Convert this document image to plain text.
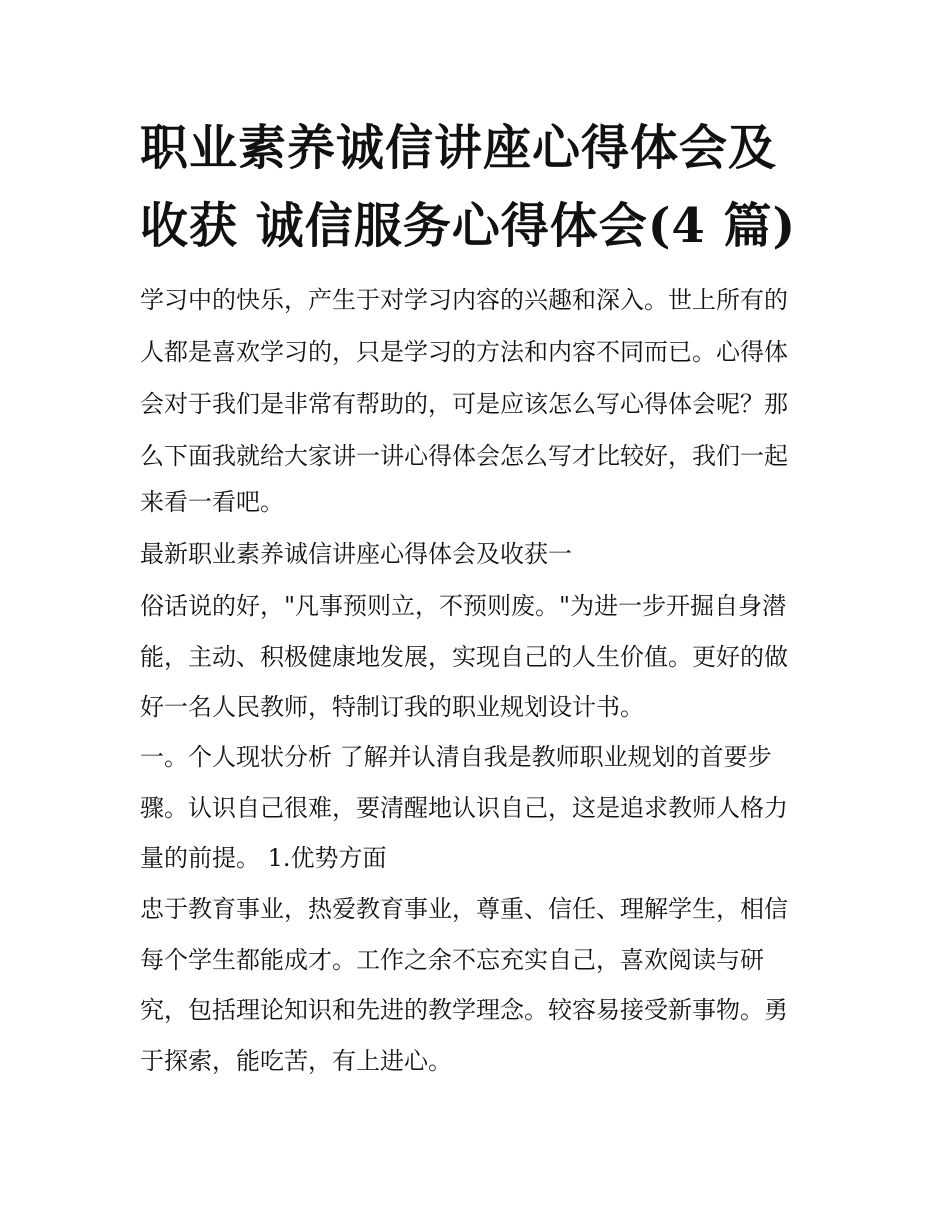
职业素养诚信讲座心得体会及
收获 诚信服务心得体会(4 篇)

学习中的快乐，产生于对学习内容的兴趣和深入。世上所有的

人都是喜欢学习的，只是学习的方法和内容不同而已。心得体

会对于我们是非常有帮助的，可是应该怎么写心得体会呢？那

么下面我就给大家讲一讲心得体会怎么写才比较好，我们一起

来看一看吧。

最新职业素养诚信讲座心得体会及收获一

俗话说的好，"凡事预则立，不预则废。"为进一步开掘自身潜

能，主动、积极健康地发展，实现自己的人生价值。更好的做

好一名人民教师，特制订我的职业规划设计书。

一。个人现状分析 了解并认清自我是教师职业规划的首要步

骤。认识自己很难，要清醒地认识自己，这是追求教师人格力

量的前提。 1.优势方面

忠于教育事业，热爱教育事业，尊重、信任、理解学生，相信

每个学生都能成才。工作之余不忘充实自己，喜欢阅读与研

究，包括理论知识和先进的教学理念。较容易接受新事物。勇

于探索，能吃苦，有上进心。
